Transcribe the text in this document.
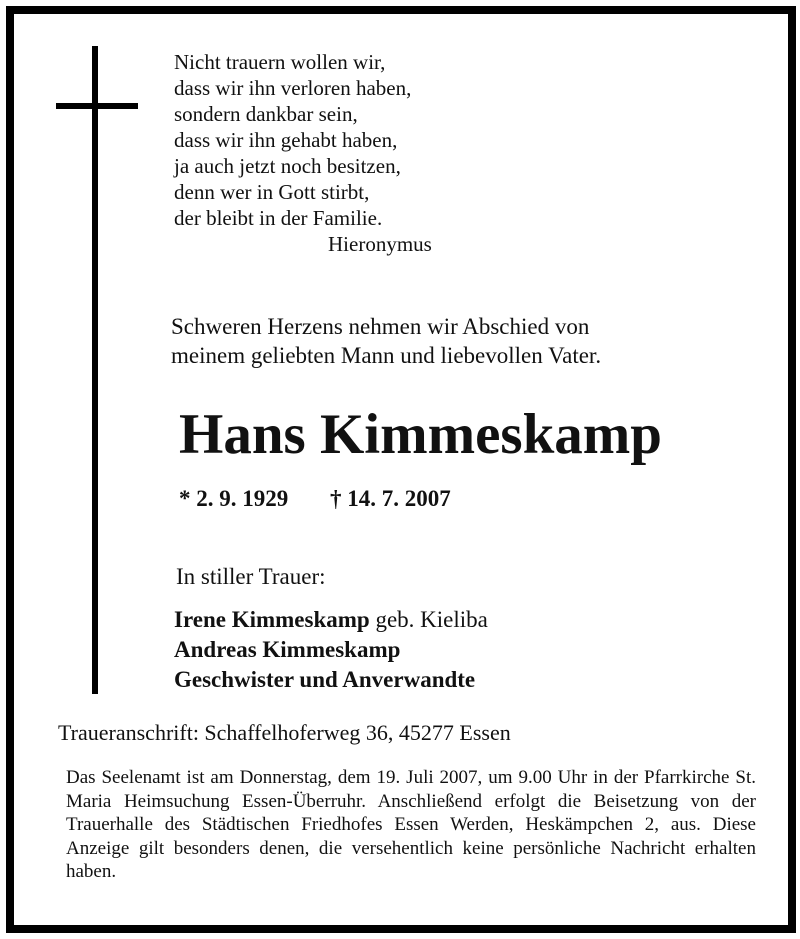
Nicht trauern wollen wir,
dass wir ihn verloren haben,
sondern dankbar sein,
dass wir ihn gehabt haben,
ja auch jetzt noch besitzen,
denn wer in Gott stirbt,
der bleibt in der Familie.
Hieronymus
Schweren Herzens nehmen wir Abschied von
meinem geliebten Mann und liebevollen Vater.
Hans Kimmeskamp
* 2. 9. 1929 † 14. 7. 2007
In stiller Trauer:
Irene Kimmeskamp geb. Kieliba
Andreas Kimmeskamp
Geschwister und Anverwandte
Traueranschrift: Schaffelhoferweg 36, 45277 Essen
Das Seelenamt ist am Donnerstag, dem 19. Juli 2007, um 9.00 Uhr in der Pfarrkirche St. Maria Heimsuchung Essen-Überruhr. Anschließend erfolgt die Beisetzung von der Trauerhalle des Städtischen Friedhofes Essen Werden, Heskämpchen 2, aus. Diese Anzeige gilt besonders denen, die versehentlich keine persönliche Nachricht erhalten haben.
